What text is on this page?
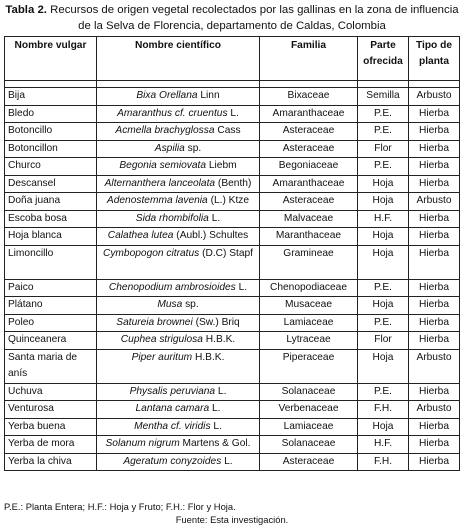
Tabla 2. Recursos de origen vegetal recolectados por las gallinas en la zona de influencia de la Selva de Florencia, departamento de Caldas, Colombia
Nombre vulgar	Nombre científico	Familia	Parte ofrecida	Tipo de planta

Bija	Bixa Orellana Linn	Bixaceae	Semilla	Arbusto
Bledo	Amaranthus cf. cruentus L.	Amaranthaceae	P.E.	Hierba
Botoncillo	Acmella brachyglossa Cass	Asteraceae	P.E.	Hierba
Botoncillon	Aspilia sp.	Asteraceae	Flor	Hierba
Churco	Begonia semiovata Liebm	Begoniaceae	P.E.	Hierba
Descansel	Alternanthera lanceolata (Benth)	Amaranthaceae	Hoja	Hierba
Doña juana	Adenostemma lavenia (L.) Ktze	Asteraceae	Hoja	Arbusto
Escoba bosa	Sida rhombifolia L.	Malvaceae	H.F.	Hierba
Hoja blanca	Calathea lutea (Aubl.) Schultes	Maranthaceae	Hoja	Hierba
Limoncillo	Cymbopogon citratus (D.C) Stapf	Gramineae	Hoja	Hierba
Paico	Chenopodium ambrosioides L.	Chenopodiaceae	P.E.	Hierba
Plátano	Musa sp.	Musaceae	Hoja	Hierba
Poleo	Satureia brownei (Sw.) Briq	Lamiaceae	P.E.	Hierba
Quinceanera	Cuphea strigulosa H.B.K.	Lytraceae	Flor	Hierba
Santa maria de anís	Piper auritum H.B.K.	Piperaceae	Hoja	Arbusto
Uchuva	Physalis peruviana L.	Solanaceae	P.E.	Hierba
Venturosa	Lantana camara L.	Verbenaceae	F.H.	Arbusto
Yerba buena	Mentha cf. viridis L.	Lamiaceae	Hoja	Hierba
Yerba de mora	Solanum nigrum Martens & Gol.	Solanaceae	H.F.	Hierba
Yerba la chiva	Ageratum conyzoides L.	Asteraceae	F.H.	Hierba
P.E.: Planta Entera; H.F.: Hoja y Fruto; F.H.: Flor y Hoja.
Fuente: Esta investigación.
